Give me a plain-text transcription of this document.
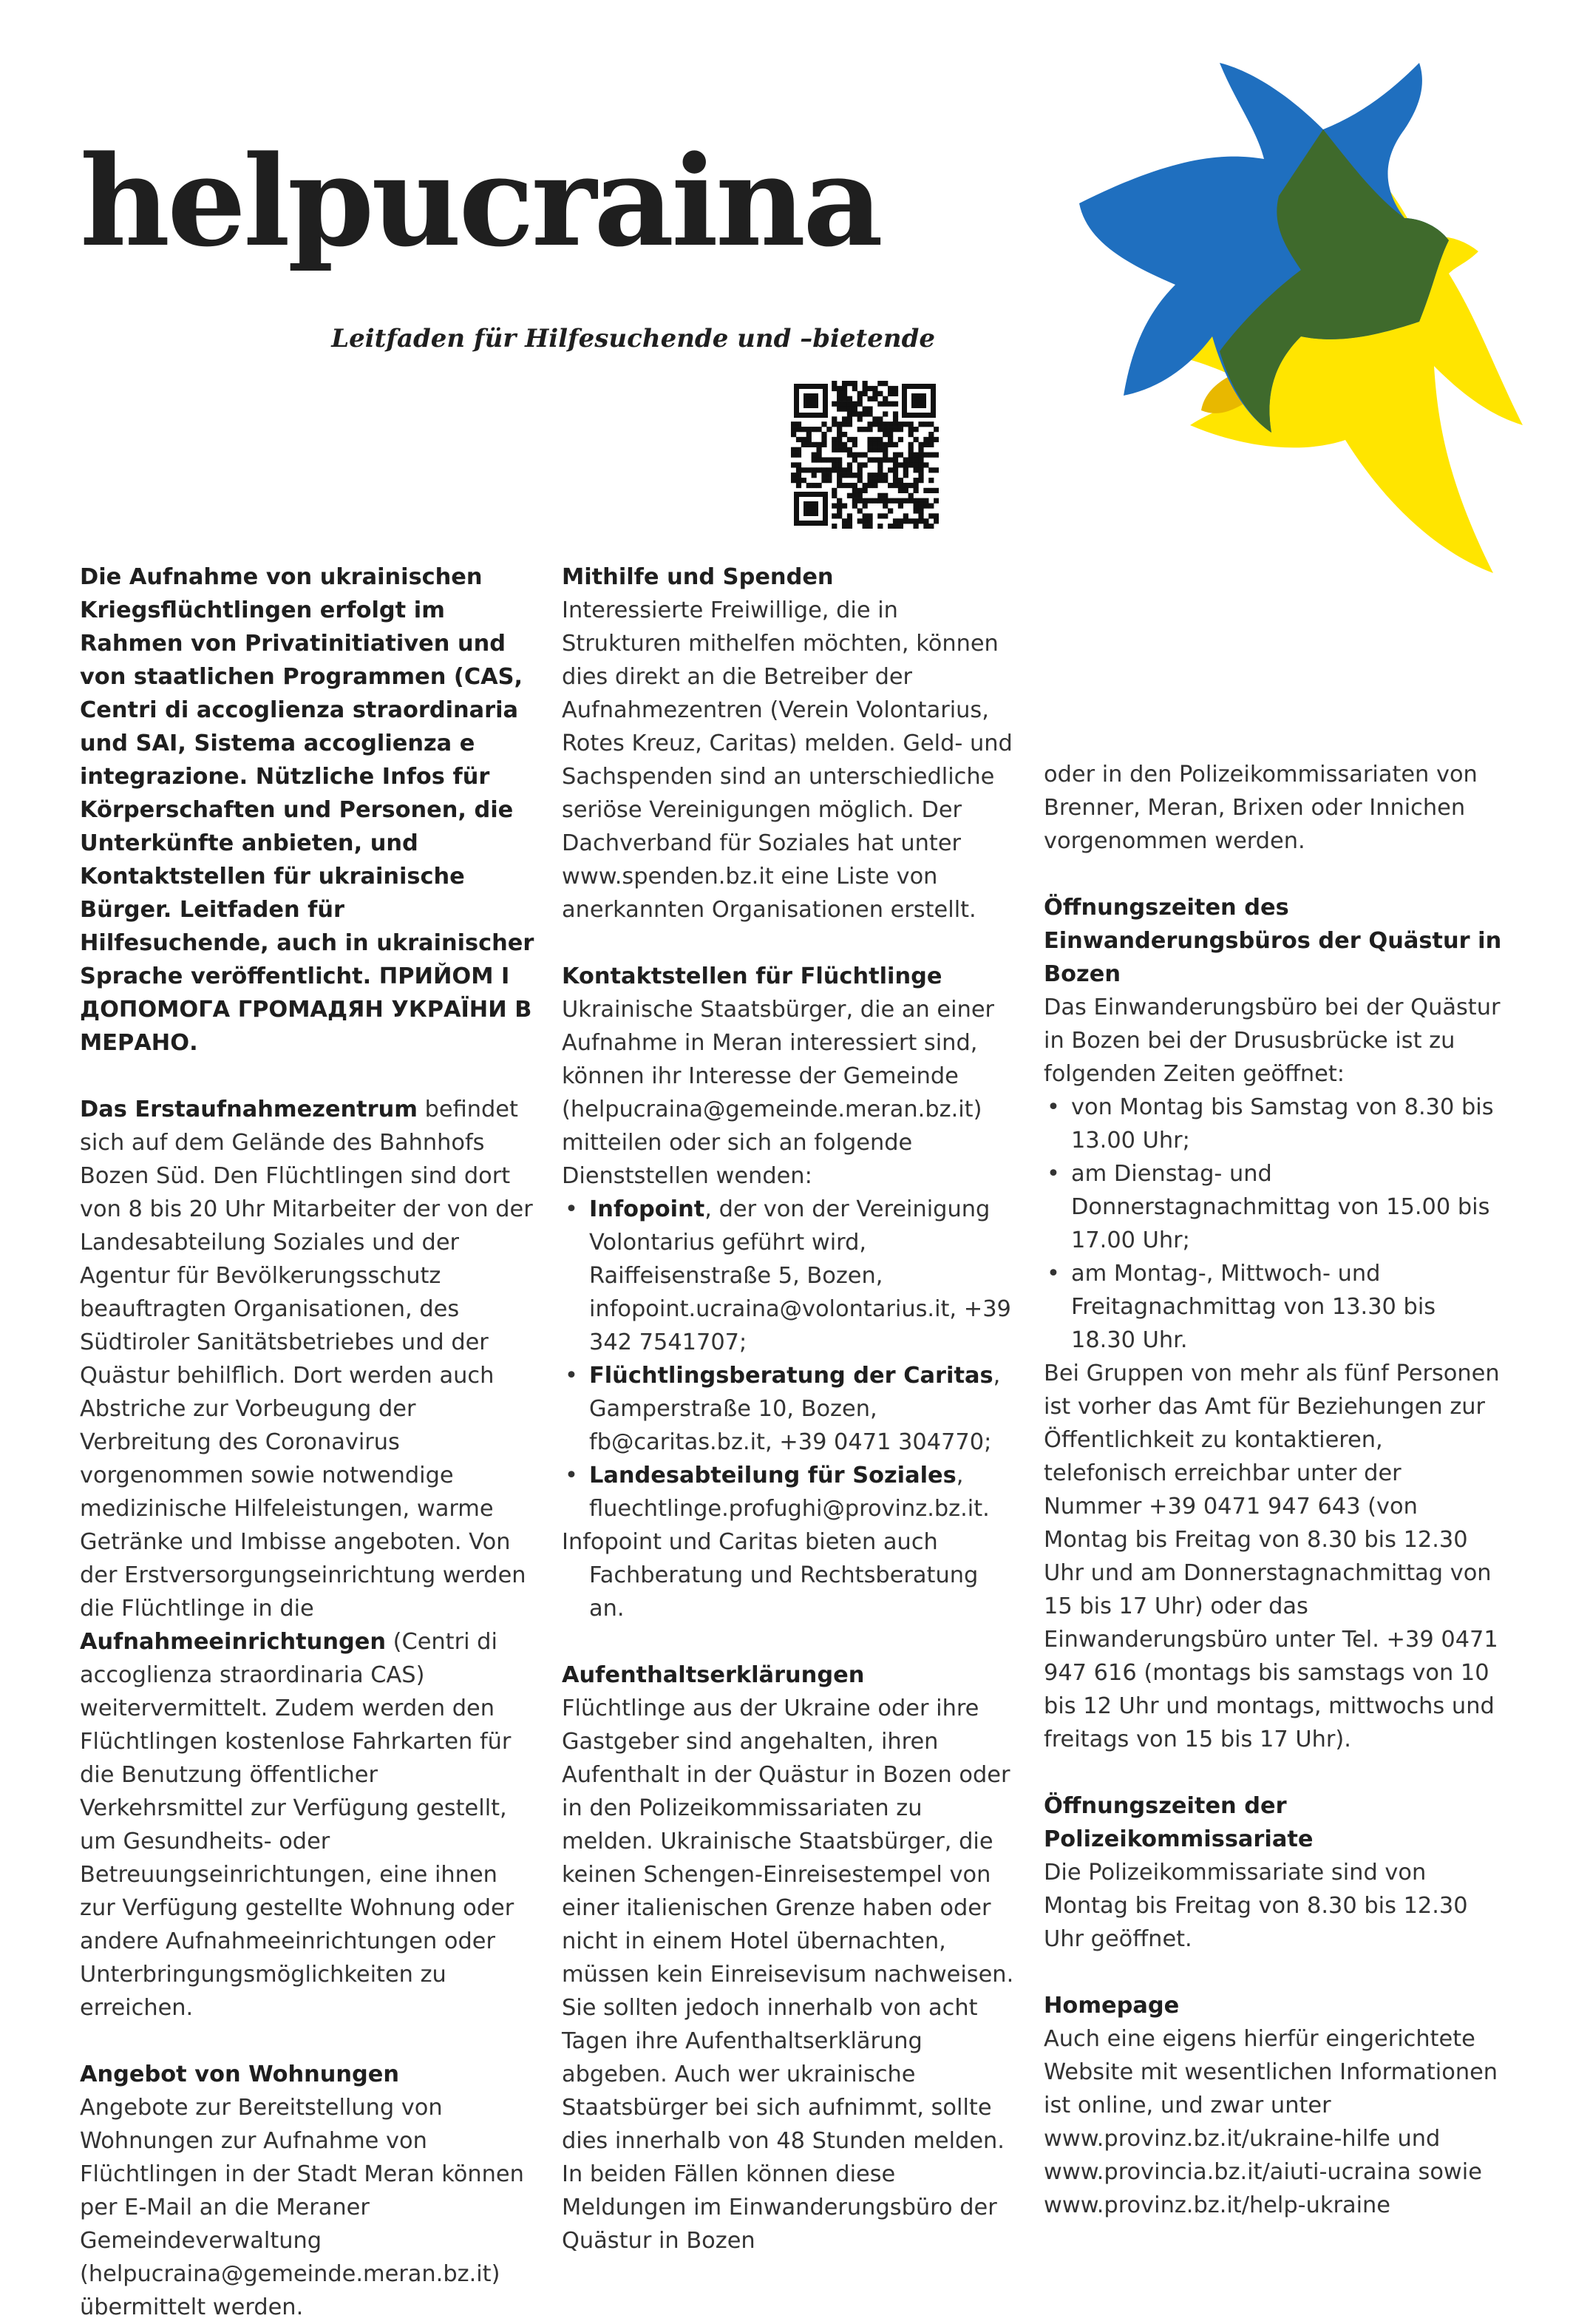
helpucraina

Leitfaden für Hilfesuchende und –bietende

Die Aufnahme von ukrainischen Kriegsflüchtlingen erfolgt im Rahmen von Privatinitiativen und von staatlichen Programmen (CAS, Centri di accoglienza straordinaria und SAI, Sistema accoglienza e integrazione. Nützliche Infos für Körperschaften und Personen, die Unterkünfte anbieten, und Kontaktstellen für ukrainische Bürger. Leitfaden für Hilfesuchende, auch in ukrainischer Sprache veröffentlicht. ПРИЙОМ І ДОПОМОГА ГРОМАДЯН УКРАЇНИ В МЕРАНО.

Das Erstaufnahmezentrum befindet sich auf dem Gelände des Bahnhofs Bozen Süd. Den Flüchtlingen sind dort von 8 bis 20 Uhr Mitarbeiter der von der Landesabteilung Soziales und der Agentur für Bevölkerungsschutz beauftragten Organisationen, des Südtiroler Sanitätsbetriebes und der Quästur behilflich. Dort werden auch Abstriche zur Vorbeugung der Verbreitung des Coronavirus vorgenommen sowie notwendige medizinische Hilfeleistungen, warme Getränke und Imbisse angeboten. Von der Erstversorgungseinrichtung werden die Flüchtlinge in die Aufnahmeeinrichtungen (Centri di accoglienza straordinaria CAS) weitervermittelt. Zudem werden den Flüchtlingen kostenlose Fahrkarten für die Benutzung öffentlicher Verkehrsmittel zur Verfügung gestellt, um Gesundheits- oder Betreuungseinrichtungen, eine ihnen zur Verfügung gestellte Wohnung oder andere Aufnahmeeinrichtungen oder Unterbringungsmöglichkeiten zu erreichen.

Angebot von Wohnungen

Angebote zur Bereitstellung von Wohnungen zur Aufnahme von Flüchtlingen in der Stadt Meran können per E-Mail an die Meraner Gemeindeverwaltung (helpucraina@gemeinde.meran.bz.it) übermittelt werden.

Mithilfe und Spenden

Interessierte Freiwillige, die in Strukturen mithelfen möchten, können dies direkt an die Betreiber der Aufnahmezentren (Verein Volontarius, Rotes Kreuz, Caritas) melden. Geld- und Sachspenden sind an unterschiedliche seriöse Vereinigungen möglich. Der Dachverband für Soziales hat unter www.spenden.bz.it eine Liste von anerkannten Organisationen erstellt.

Kontaktstellen für Flüchtlinge

Ukrainische Staatsbürger, die an einer Aufnahme in Meran interessiert sind, können ihr Interesse der Gemeinde (helpucraina@gemeinde.meran.bz.it) mitteilen oder sich an folgende Dienststellen wenden:

• Infopoint, der von der Vereinigung Volontarius geführt wird, Raiffeisenstraße 5, Bozen, infopoint.ucraina@volontarius.it, +39 342 7541707;
• Flüchtlingsberatung der Caritas, Gamperstraße 10, Bozen, fb@caritas.bz.it, +39 0471 304770;
• Landesabteilung für Soziales, fluechtlinge.profughi@provinz.bz.it.

Infopoint und Caritas bieten auch Fachberatung und Rechtsberatung an.

Aufenthaltserklärungen

Flüchtlinge aus der Ukraine oder ihre Gastgeber sind angehalten, ihren Aufenthalt in der Quästur in Bozen oder in den Polizeikommissariaten zu melden. Ukrainische Staatsbürger, die keinen Schengen-Einreisestempel von einer italienischen Grenze haben oder nicht in einem Hotel übernachten, müssen kein Einreisevisum nachweisen. Sie sollten jedoch innerhalb von acht Tagen ihre Aufenthaltserklärung abgeben. Auch wer ukrainische Staatsbürger bei sich aufnimmt, sollte dies innerhalb von 48 Stunden melden. In beiden Fällen können diese Meldungen im Einwanderungsbüro der Quästur in Bozen

oder in den Polizeikommissariaten von Brenner, Meran, Brixen oder Innichen vorgenommen werden.

Öffnungszeiten des Einwanderungsbüros der Quästur in Bozen

Das Einwanderungsbüro bei der Quästur in Bozen bei der Drususbrücke ist zu folgenden Zeiten geöffnet:

• von Montag bis Samstag von 8.30 bis 13.00 Uhr;
• am Dienstag- und Donnerstagnachmittag von 15.00 bis 17.00 Uhr;
• am Montag-, Mittwoch- und Freitagnachmittag von 13.30 bis 18.30 Uhr.

Bei Gruppen von mehr als fünf Personen ist vorher das Amt für Beziehungen zur Öffentlichkeit zu kontaktieren, telefonisch erreichbar unter der Nummer +39 0471 947 643 (von Montag bis Freitag von 8.30 bis 12.30 Uhr und am Donnerstagnachmittag von 15 bis 17 Uhr) oder das Einwanderungsbüro unter Tel. +39 0471 947 616 (montags bis samstags von 10 bis 12 Uhr und montags, mittwochs und freitags von 15 bis 17 Uhr).

Öffnungszeiten der Polizeikommissariate

Die Polizeikommissariate sind von Montag bis Freitag von 8.30 bis 12.30 Uhr geöffnet.

Homepage

Auch eine eigens hierfür eingerichtete Website mit wesentlichen Informationen ist online, und zwar unter

www.provinz.bz.it/ukraine-hilfe und

www.provincia.bz.it/aiuti-ucraina sowie

www.provinz.bz.it/help-ukraine
